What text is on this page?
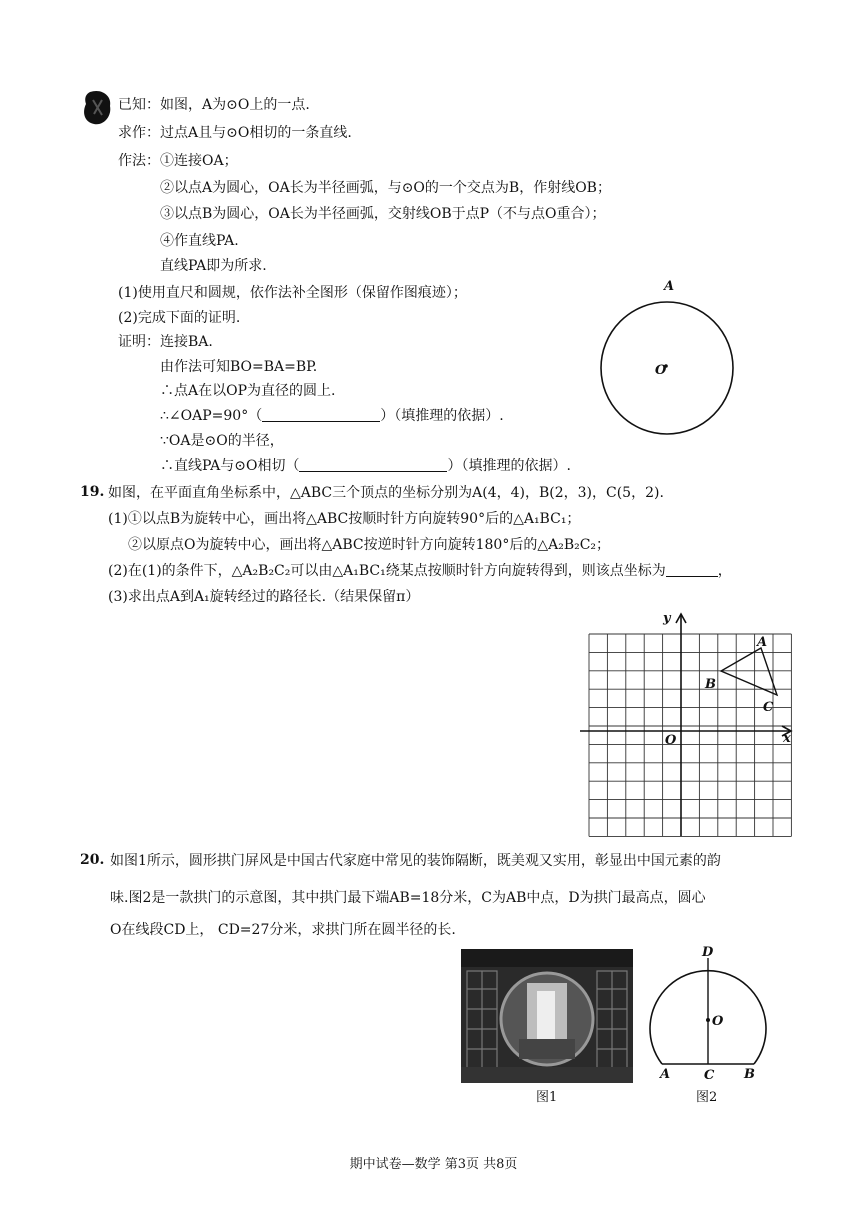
已知：如图，A为⊙O上的一点.
求作：过点A且与⊙O相切的一条直线.
作法：①连接OA；
②以点A为圆心，OA长为半径画弧，与⊙O的一个交点为B，作射线OB；
③以点B为圆心，OA长为半径画弧，交射线OB于点P（不与点O重合）；
④作直线PA.
直线PA即为所求.
(1)使用直尺和圆规，依作法补全图形（保留作图痕迹）；
(2)完成下面的证明.
证明：连接BA.
由作法可知BO=BA=BP.
∴点A在以OP为直径的圆上.
∴∠OAP=90°（	）（填推理的依据）.
∵OA是⊙O的半径，
∴直线PA与⊙O相切（	）（填推理的依据）.
A
O
19. 如图，在平面直角坐标系中，△ABC三个顶点的坐标分别为A(4，4)，B(2，3)，C(5，2).
(1)①以点B为旋转中心，画出将△ABC按顺时针方向旋转90°后的△A₁BC₁；
②以原点O为旋转中心，画出将△ABC按逆时针方向旋转180°后的△A₂B₂C₂；
(2)在(1)的条件下，△A₂B₂C₂可以由△A₁BC₁绕某点按顺时针方向旋转得到，则该点坐标为	，
(3)求出点A到A₁旋转经过的路径长.（结果保留π）
x
y
O
A
B
C
20. 如图1所示，圆形拱门屏风是中国古代家庭中常见的装饰隔断，既美观又实用，彰显出中国元素的韵
味.图2是一款拱门的示意图，其中拱门最下端AB=18分米，C为AB中点，D为拱门最高点，圆心
O在线段CD上， CD=27分米，求拱门所在圆半径的长.
图1
D
O
A	C B
图2
期中试卷—数学 第3页 共8页
